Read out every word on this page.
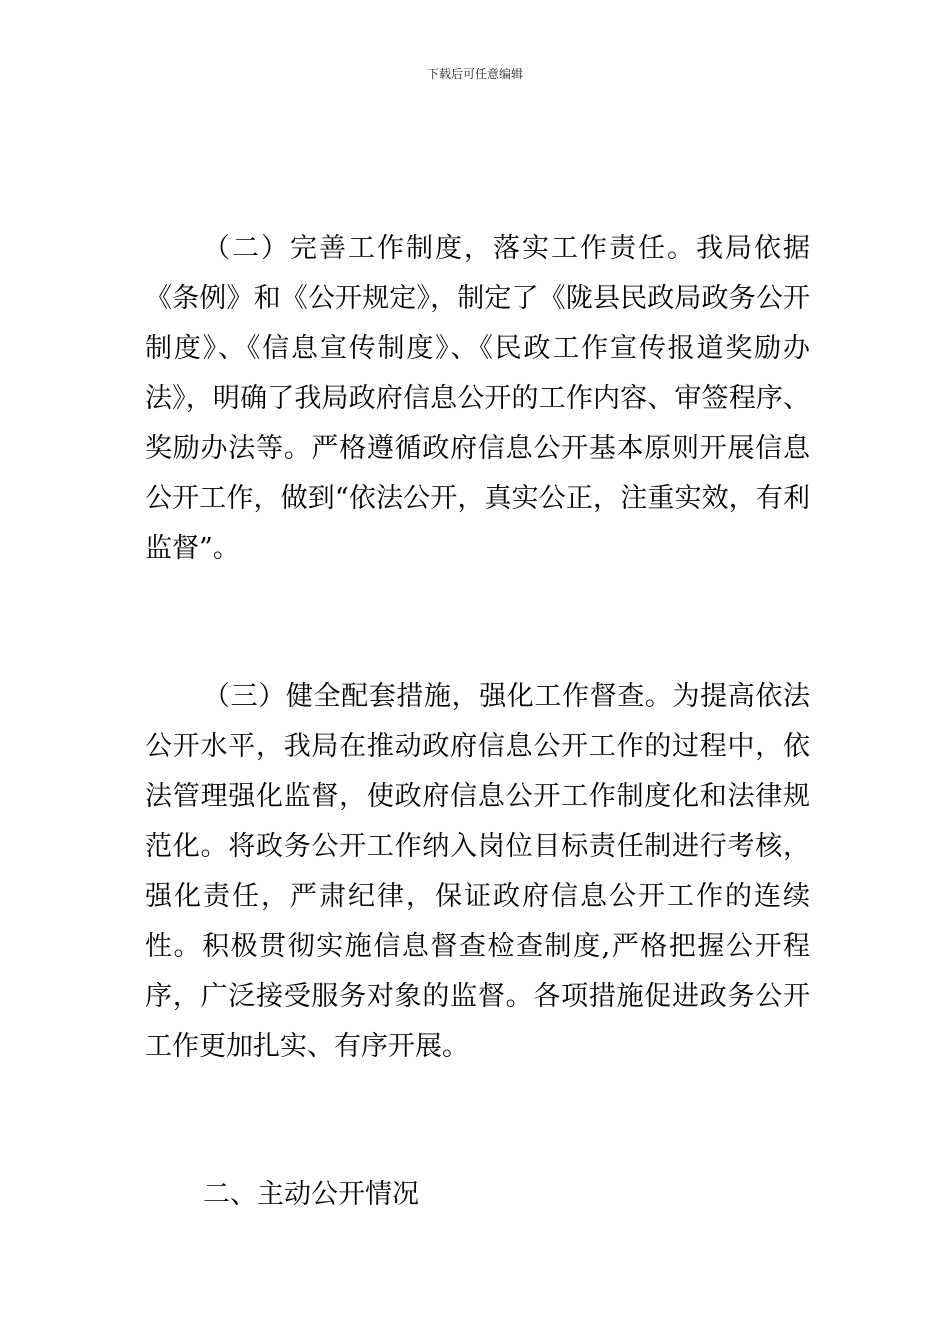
下载后可任意编辑

（二）完善工作制度，落实工作责任。我局依据《条例》和《公开规定》，制定了《陇县民政局政务公开制度》、《信息宣传制度》、《民政工作宣传报道奖励办法》，明确了我局政府信息公开的工作内容、审签程序、奖励办法等。严格遵循政府信息公开基本原则开展信息公开工作，做到“依法公开，真实公正，注重实效，有利监督”。

（三）健全配套措施，强化工作督查。为提高依法公开水平，我局在推动政府信息公开工作的过程中，依法管理强化监督，使政府信息公开工作制度化和法律规范化。将政务公开工作纳入岗位目标责任制进行考核，强化责任，严肃纪律，保证政府信息公开工作的连续性。积极贯彻实施信息督查检查制度,严格把握公开程序，广泛接受服务对象的监督。各项措施促进政务公开工作更加扎实、有序开展。

二、主动公开情况
